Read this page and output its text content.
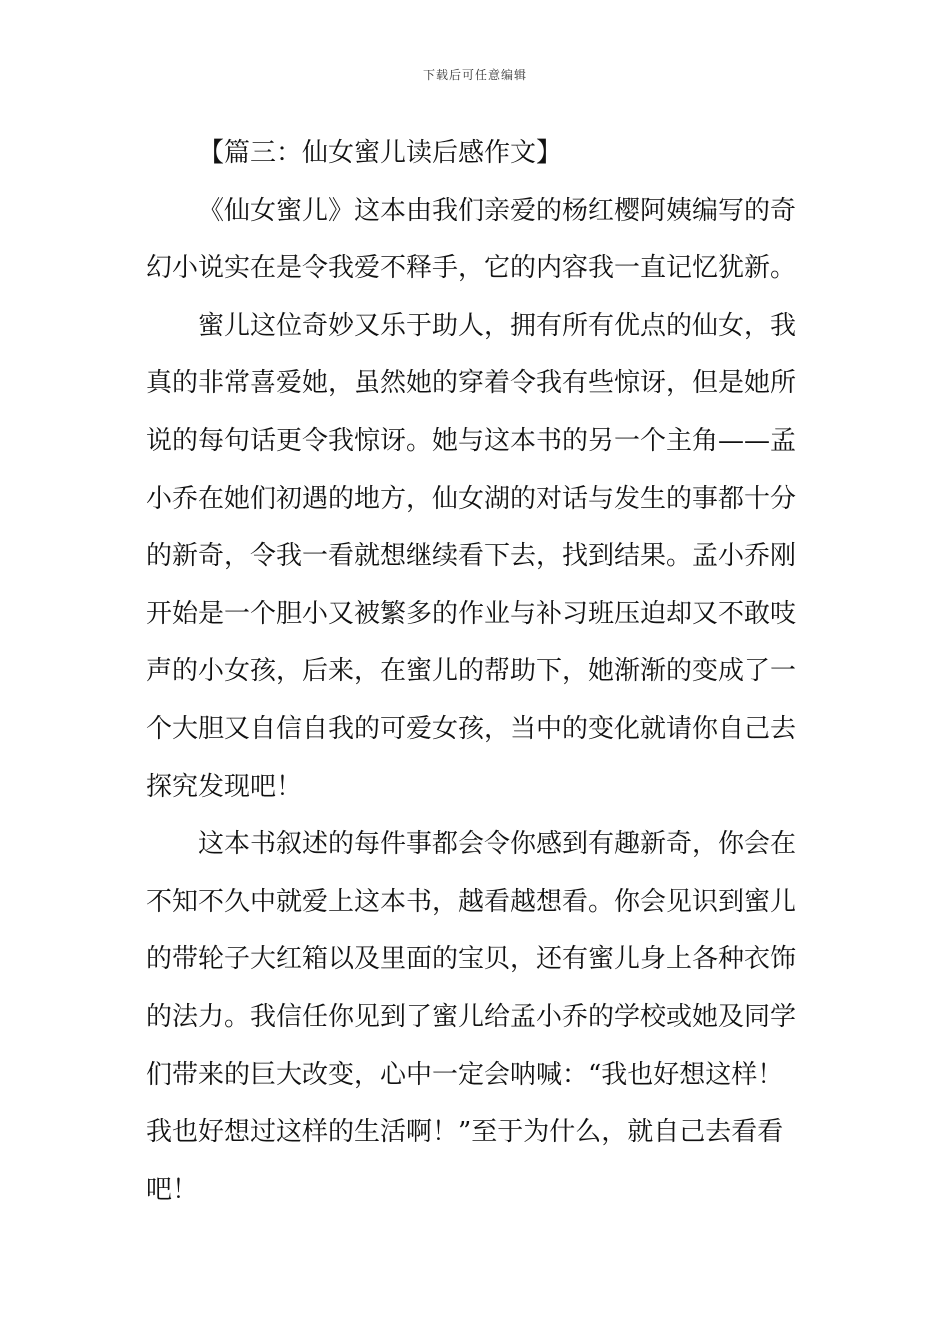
下载后可任意编辑
【篇三：仙女蜜儿读后感作文】
《仙女蜜儿》这本由我们亲爱的杨红樱阿姨编写的奇
幻小说实在是令我爱不释手，它的内容我一直记忆犹新。
蜜儿这位奇妙又乐于助人，拥有所有优点的仙女，我
真的非常喜爱她，虽然她的穿着令我有些惊讶，但是她所
说的每句话更令我惊讶。她与这本书的另一个主角——孟
小乔在她们初遇的地方，仙女湖的对话与发生的事都十分
的新奇，令我一看就想继续看下去，找到结果。孟小乔刚
开始是一个胆小又被繁多的作业与补习班压迫却又不敢吱
声的小女孩，后来，在蜜儿的帮助下，她渐渐的变成了一
个大胆又自信自我的可爱女孩，当中的变化就请你自己去
探究发现吧！
这本书叙述的每件事都会令你感到有趣新奇，你会在
不知不久中就爱上这本书，越看越想看。你会见识到蜜儿
的带轮子大红箱以及里面的宝贝，还有蜜儿身上各种衣饰
的法力。我信任你见到了蜜儿给孟小乔的学校或她及同学
们带来的巨大改变，心中一定会呐喊：“我也好想这样！
我也好想过这样的生活啊！”至于为什么，就自己去看看
吧！
